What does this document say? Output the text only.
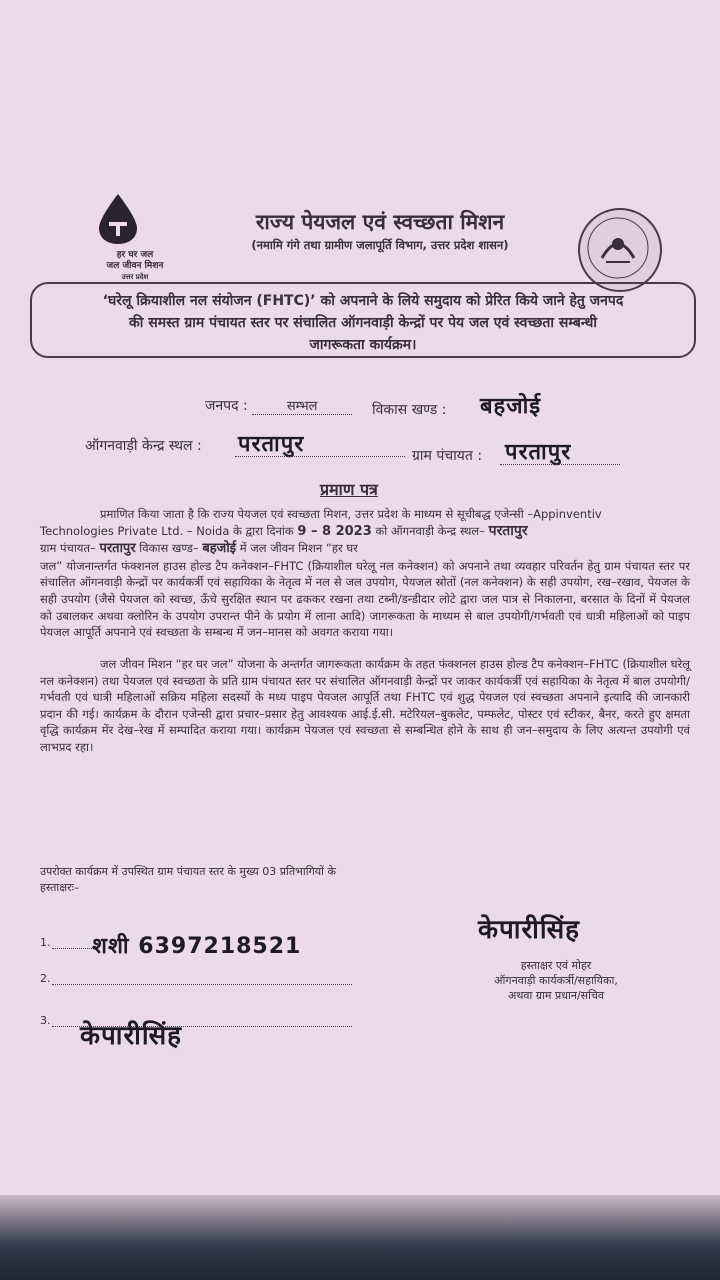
हर घर जल
जल जीवन मिशन
उत्तर प्रदेश
राज्य पेयजल एवं स्वच्छता मिशन
(नमामि गंगे तथा ग्रामीण जलापूर्ति विभाग, उत्तर प्रदेश शासन)
‘घरेलू क्रियाशील नल संयोजन (FHTC)’ को अपनाने के लिये समुदाय को प्रेरित किये जाने हेतु जनपद
की समस्त ग्राम पंचायत स्तर पर संचालित ऑगनवाड़ी केन्द्रों पर पेय जल एवं स्वच्छता सम्बन्धी
जागरूकता कार्यक्रम।
जनपद :	सम्भल	विकास खण्ड : बहजोई
ऑगनवाड़ी केन्द्र स्थल : परतापुर	ग्राम पंचायत : परतापुर
प्रमाण पत्र
प्रमाणित किया जाता है कि राज्य पेयजल एवं स्वच्छता मिशन, उत्तर प्रदेश के माध्यम से सूचीबद्ध एजेन्सी –Appinventiv
Technologies Private Ltd. – Noida के द्वारा दिनांक 9 – 8 2023 को ऑगनवाड़ी केन्द्र स्थल– परतापुर
ग्राम पंचायत– परतापुर विकास खण्ड– बहजोई में जल जीवन मिशन “हर घर
जल” योजनान्तर्गत फंक्शनल हाउस होल्ड टैप कनेक्शन–FHTC (क्रियाशील घरेलू नल कनेक्शन) को अपनाने तथा व्यवहार परिवर्तन हेतु ग्राम पंचायत स्तर पर संचालित ऑगनवाड़ी केन्द्रों पर कार्यकर्त्री एवं सहायिका के नेतृत्व में नल से जल उपयोग, पेयजल स्रोतों (नल कनेक्शन) के सही उपयोग, रख–रखाव, पेयजल के सही उपयोग (जैसे पेयजल को स्वच्छ, ऊँचे सुरक्षित स्थान पर ढककर रखना तथा टब्नी/डन्डीदार लोटे द्वारा जल पात्र से निकालना, बरसात के दिनों में पेयजल को उबालकर अथवा क्लोरिन के उपयोग उपरान्त पीने के प्रयोग में लाना आदि) जागरूकता के माध्यम से बाल उपयोगी/गर्भवती एवं धात्री महिलाओं को पाइप पेयजल आपूर्ति अपनाने एवं स्वच्छता के सम्बन्ध में जन–मानस को अवगत कराया गया।

जल जीवन मिशन “हर घर जल” योजना के अन्तर्गत जागरूकता कार्यक्रम के तहत फंक्शनल हाउस होल्ड टैप कनेक्शन–FHTC (क्रियाशील घरेलू नल कनेक्शन) तथा पेयजल एवं स्वच्छता के प्रति ग्राम पंचायत स्तर पर संचालित ऑगनवाड़ी केन्द्रों पर जाकर कार्यकर्त्री एवं सहायिका के नेतृत्व में बाल उपयोगी/गर्भवती एवं धात्री महिलाओं सक्रिय महिला सदस्यों के मध्य पाइप पेयजल आपूर्ति तथा FHTC एवं शुद्ध पेयजल एवं स्वच्छता अपनाने इत्यादि की जानकारी प्रदान की गई। कार्यक्रम के दौरान एजेन्सी द्वारा प्रचार–प्रसार हेतु आवश्यक आई.ई.सी. मटेरियल–बुकलेट, पम्फलेट, पोस्टर एवं स्टीकर, बैनर, करते हुए क्षमता वृद्धि कार्यक्रम मेंर देख–रेख में सम्पादित कराया गया। कार्यक्रम पेयजल एवं स्वच्छता से सम्बन्धित होने के साथ ही जन–समुदाय के लिए अत्यन्त उपयोगी एवं लाभप्रद रहा।

उपरोक्त कार्यक्रम में उपस्थित ग्राम पंचायत स्तर के मुख्य 03 प्रतिभागियों के
हस्ताक्षरः–
1. शशी 6397218521
2.
3.
केपारीसिंह
केपारीसिंह
हस्ताक्षर एवं मोहर
ऑगनवाड़ी कार्यकर्त्री/सहायिका,
अथवा ग्राम प्रधान/सचिव
